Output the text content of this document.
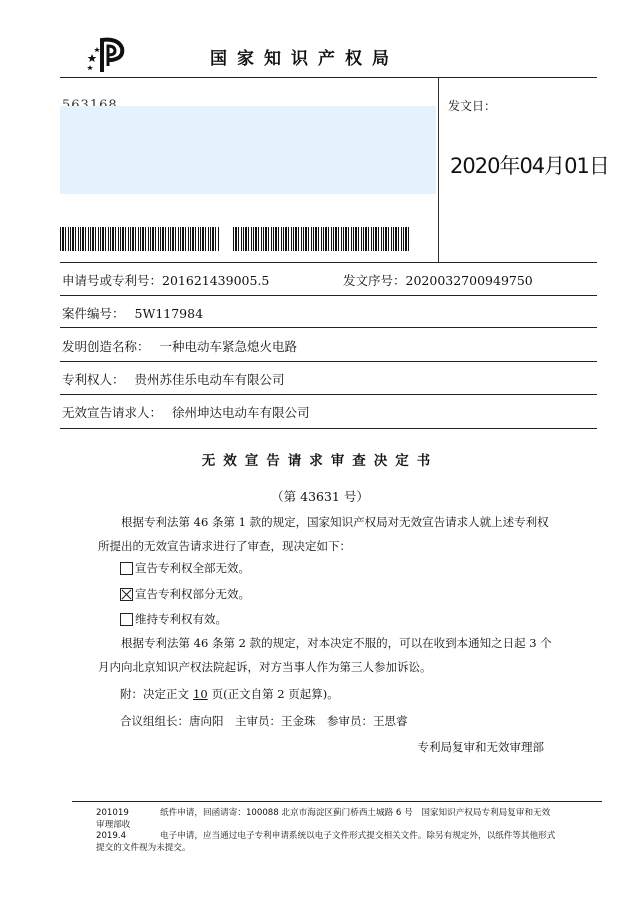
国家知识产权局
发文日：
2020年04月01日
申请号或专利号：201621439005.5	发文序号：2020032700949750
案件编号： 5W117984
发明创造名称： 一种电动车紧急熄火电路
专利权人： 贵州苏佳乐电动车有限公司
无效宣告请求人： 徐州坤达电动车有限公司
无效宣告请求审查决定书
（第 43631 号）
根据专利法第 46 条第 1 款的规定，国家知识产权局对无效宣告请求人就上述专利权所提出的无效宣告请求进行了审查，现决定如下：
宣告专利权全部无效。
宣告专利权部分无效。
维持专利权有效。
根据专利法第 46 条第 2 款的规定，对本决定不服的，可以在收到本通知之日起 3 个月内向北京知识产权法院起诉，对方当事人作为第三人参加诉讼。
附：决定正文 10 页(正文自第 2 页起算)。
合议组组长：唐向阳　主审员：王金珠　参审员：王思睿
专利局复审和无效审理部
201019	纸件申请，回函请寄：100088 北京市海淀区蓟门桥西土城路 6 号　国家知识产权局专利局复审和无效审理部收
2019.4	电子申请，应当通过电子专利申请系统以电子文件形式提交相关文件。除另有规定外，以纸件等其他形式提交的文件视为未提交。
